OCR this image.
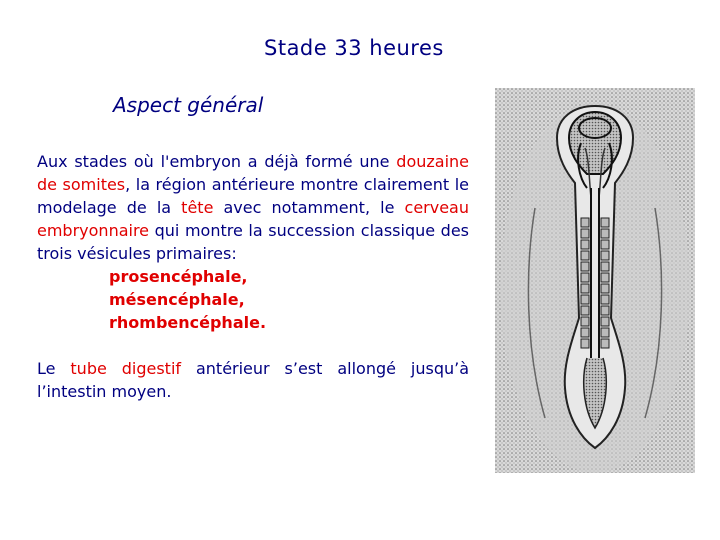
Stade 33 heures
Aspect général

Aux stades où l'embryon a déjà formé une douzaine de somites, la région antérieure montre clairement le modelage de la tête avec notamment, le cerveau embryonnaire qui montre la succession classique des trois vésicules primaires:

prosencéphale,
mésencéphale,
rhombencéphale.

Le tube digestif antérieur s’est allongé jusqu’à l’intestin moyen.
